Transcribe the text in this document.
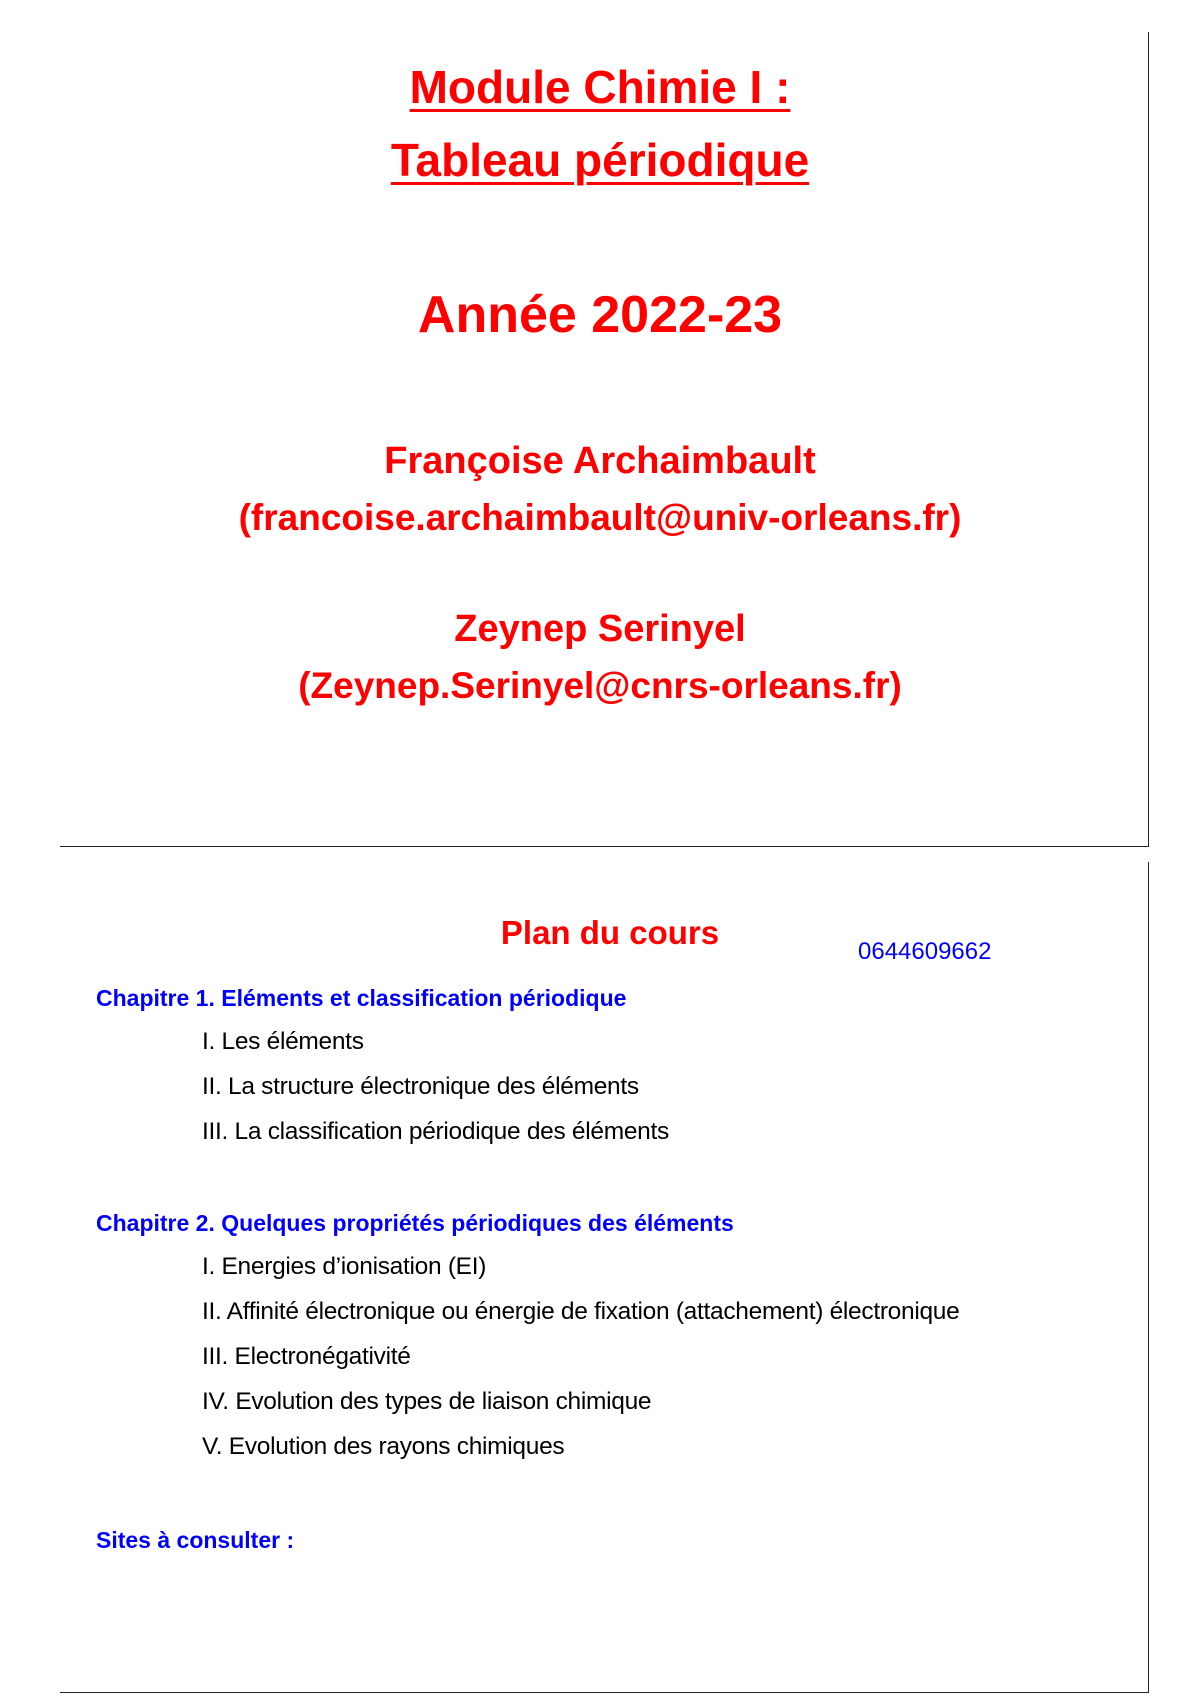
Module Chimie I :
Tableau périodique
Année 2022-23
Françoise Archaimbault
(francoise.archaimbault@univ-orleans.fr)
Zeynep Serinyel
(Zeynep.Serinyel@cnrs-orleans.fr)
Plan du cours
0644609662
Chapitre 1. Eléments et classification périodique
I. Les éléments
II. La structure électronique des éléments
III. La classification périodique des éléments
Chapitre 2. Quelques propriétés périodiques des éléments
I. Energies d’ionisation (EI)
II. Affinité électronique ou énergie de fixation (attachement) électronique
III. Electronégativité
IV. Evolution des types de liaison chimique
V. Evolution des rayons chimiques
Sites à consulter :
